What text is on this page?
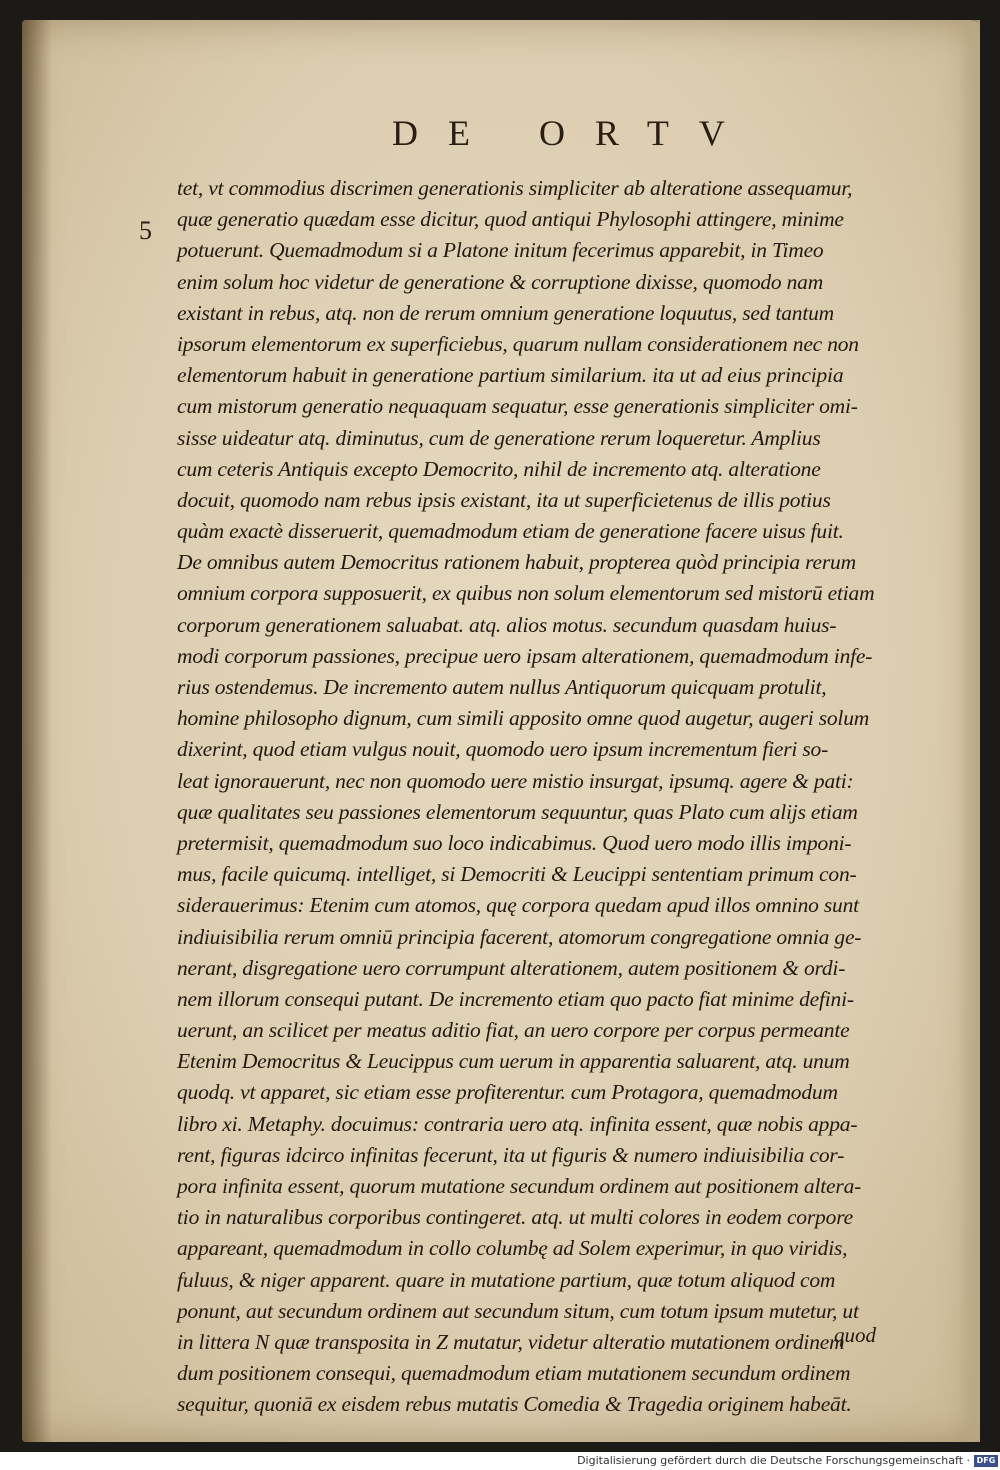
DE ORTV
5
tet, vt commodius discrimen generationis simpliciter ab alteratione assequamur,
quæ generatio quædam esse dicitur, quod antiqui Phylosophi attingere, minime
potuerunt. Quemadmodum si a Platone initum fecerimus apparebit, in Timeo
enim solum hoc videtur de generatione & corruptione dixisse, quomodo nam
existant in rebus, atq. non de rerum omnium generatione loquutus, sed tantum
ipsorum elementorum ex superficiebus, quarum nullam considerationem nec non
elementorum habuit in generatione partium similarium. ita ut ad eius principia
cum mistorum generatio nequaquam sequatur, esse generationis simpliciter omi-
sisse uideatur atq. diminutus, cum de generatione rerum loqueretur. Amplius
cum ceteris Antiquis excepto Democrito, nihil de incremento atq. alteratione
docuit, quomodo nam rebus ipsis existant, ita ut superficietenus de illis potius
quàm exactè disseruerit, quemadmodum etiam de generatione facere uisus fuit.
De omnibus autem Democritus rationem habuit, propterea quòd principia rerum
omnium corpora supposuerit, ex quibus non solum elementorum sed mistorū etiam
corporum generationem saluabat. atq. alios motus. secundum quasdam huius-
modi corporum passiones, precipue uero ipsam alterationem, quemadmodum infe-
rius ostendemus. De incremento autem nullus Antiquorum quicquam protulit,
homine philosopho dignum, cum simili apposito omne quod augetur, augeri solum
dixerint, quod etiam vulgus nouit, quomodo uero ipsum incrementum fieri so-
leat ignorauerunt, nec non quomodo uere mistio insurgat, ipsumq. agere & pati:
quæ qualitates seu passiones elementorum sequuntur, quas Plato cum alijs etiam
pretermisit, quemadmodum suo loco indicabimus. Quod uero modo illis imponi-
mus, facile quicumq. intelliget, si Democriti & Leucippi sententiam primum con-
siderauerimus: Etenim cum atomos, quę corpora quedam apud illos omnino sunt
indiuisibilia rerum omniū principia facerent, atomorum congregatione omnia ge-
nerant, disgregatione uero corrumpunt alterationem, autem positionem & ordi-
nem illorum consequi putant. De incremento etiam quo pacto fiat minime defini-
uerunt, an scilicet per meatus aditio fiat, an uero corpore per corpus permeante
Etenim Democritus & Leucippus cum uerum in apparentia saluarent, atq. unum
quodq. vt apparet, sic etiam esse profiterentur. cum Protagora, quemadmodum
libro xi. Metaphy. docuimus: contraria uero atq. infinita essent, quæ nobis appa-
rent, figuras idcirco infinitas fecerunt, ita ut figuris & numero indiuisibilia cor-
pora infinita essent, quorum mutatione secundum ordinem aut positionem altera-
tio in naturalibus corporibus contingeret. atq. ut multi colores in eodem corpore
appareant, quemadmodum in collo columbę ad Solem experimur, in quo viridis,
fuluus, & niger apparent. quare in mutatione partium, quæ totum aliquod com
ponunt, aut secundum ordinem aut secundum situm, cum totum ipsum mutetur, ut
in littera N quæ transposita in Z mutatur, videtur alteratio mutationem ordinem
dum positionem consequi, quemadmodum etiam mutationem secundum ordinem
sequitur, quoniā ex eisdem rebus mutatis Comedia & Tragedia originem habeāt.
quod
Digitalisierung gefördert durch die Deutsche Forschungsgemeinschaft · DFG
